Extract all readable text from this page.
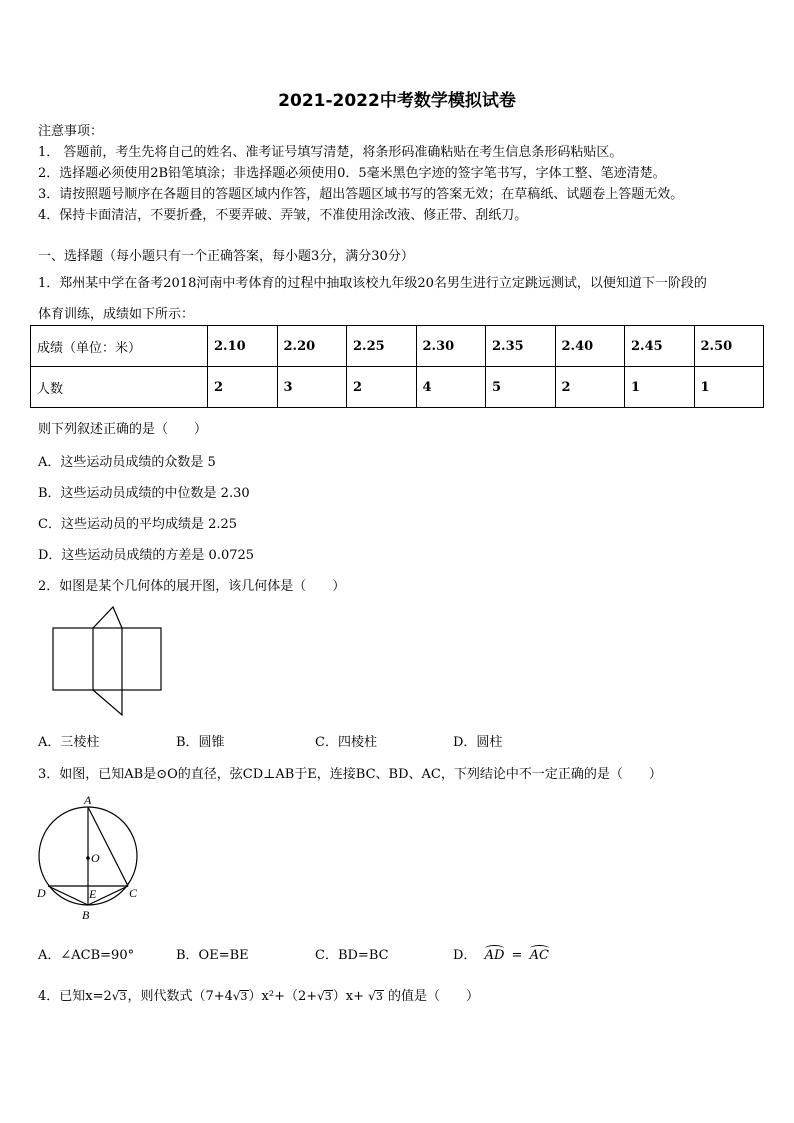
2021-2022中考数学模拟试卷
注意事项：
1． 答题前，考生先将自己的姓名、准考证号填写清楚，将条形码准确粘贴在考生信息条形码粘贴区。
2．选择题必须使用2B铅笔填涂；非选择题必须使用0．5毫米黑色字迹的签字笔书写，字体工整、笔迹清楚。
3．请按照题号顺序在各题目的答题区域内作答，超出答题区域书写的答案无效；在草稿纸、试题卷上答题无效。
4．保持卡面清洁，不要折叠，不要弄破、弄皱，不准使用涂改液、修正带、刮纸刀。
一、选择题（每小题只有一个正确答案，每小题3分，满分30分）
1．郑州某中学在备考2018河南中考体育的过程中抽取该校九年级20名男生进行立定跳远测试，以便知道下一阶段的
体育训练，成绩如下所示：
成绩（单位：米）	2.10	2.20	2.25	2.30	2.35	2.40	2.45	2.50
人数	2	3	2	4	5	2	1	1
则下列叙述正确的是（　　）
A．这些运动员成绩的众数是 5
B．这些运动员成绩的中位数是 2.30
C．这些运动员的平均成绩是 2.25
D．这些运动员成绩的方差是 0.0725
2．如图是某个几何体的展开图，该几何体是（　　）
A．三棱柱	B．圆锥	C．四棱柱	D．圆柱
3．如图，已知AB是⊙O的直径，弦CD⊥AB于E，连接BC、BD、AC，下列结论中不一定正确的是（　　）
A
O
D	E	C
B
A．∠ACB=90°	B．OE=BE	C．BD=BC	D． AD = AC
4．已知x=2√3，则代数式（7+4√3）x²+（2+√3）x+ √3 的值是（　　）
